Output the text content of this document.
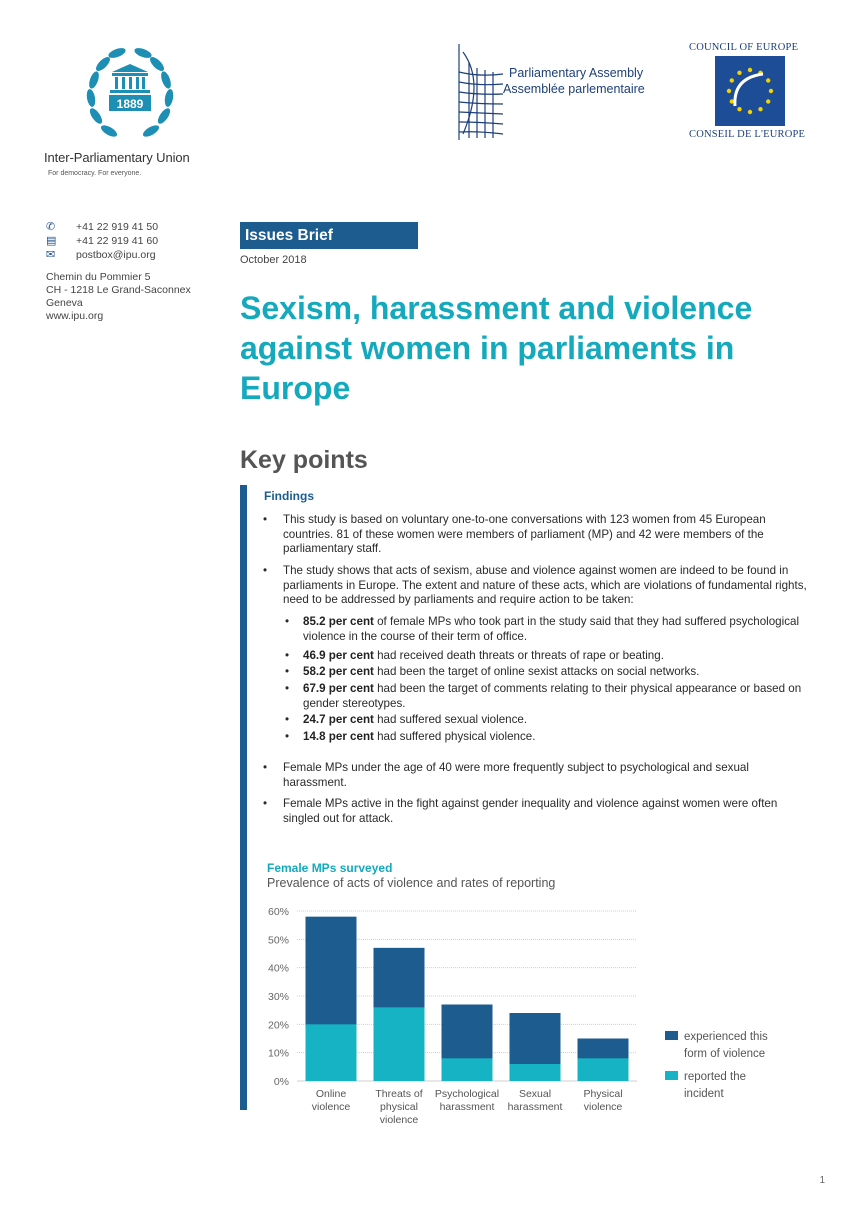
1889
Inter-Parliamentary Union
For democracy. For everyone.
Parliamentary Assembly
Assemblée parlementaire
COUNCIL OF EUROPE
CONSEIL DE L'EUROPE
✆	+41 22 919 41 50
▤	+41 22 919 41 60
✉	postbox@ipu.org
Chemin du Pommier 5
CH - 1218 Le Grand-Saconnex
Geneva
www.ipu.org
Issues Brief
October 2018
Sexism, harassment and violence against women in parliaments in Europe
Key points
Findings
• This study is based on voluntary one-to-one conversations with 123 women from 45 European countries. 81 of these women were members of parliament (MP) and 42 were members of the parliamentary staff.
• The study shows that acts of sexism, abuse and violence against women are indeed to be found in parliaments in Europe. The extent and nature of these acts, which are violations of fundamental rights, need to be addressed by parliaments and require action to be taken:
• 85.2 per cent of female MPs who took part in the study said that they had suffered psychological violence in the course of their term of office.
• 46.9 per cent had received death threats or threats of rape or beating.
• 58.2 per cent had been the target of online sexist attacks on social networks.
• 67.9 per cent had been the target of comments relating to their physical appearance or based on gender stereotypes.
• 24.7 per cent had suffered sexual violence.
• 14.8 per cent had suffered physical violence.
• Female MPs under the age of 40 were more frequently subject to psychological and sexual harassment.
• Female MPs active in the fight against gender inequality and violence against women were often singled out for attack.
Female MPs surveyed
Prevalence of acts of violence and rates of reporting
0%
10%
20%
30%
40%
50%
60%
Online
violence
Threats of
physical
violence
Psychological
harassment
Sexual
harassment
Physical
violence
experienced this
form of violence
reported the
incident
1
